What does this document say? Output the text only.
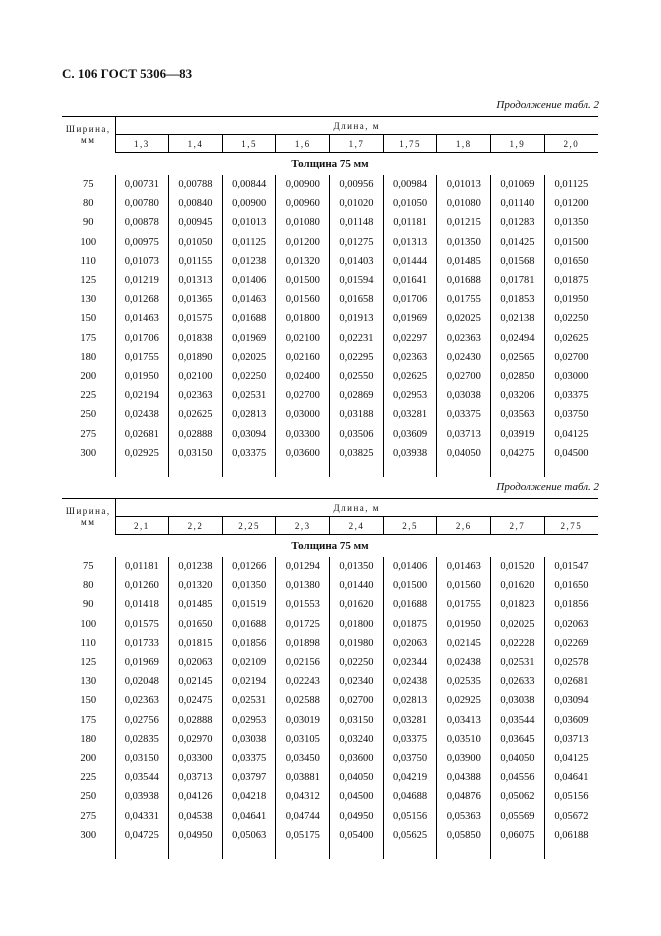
С. 106 ГОСТ 5306—83
Продолжение табл. 2
Ширина,
мм	Длина, м								
	1,3	1,4	1,5	1,6	1,7	1,75	1,8	1,9	2,0
Толщина 75 мм									
75	0,00731	0,00788	0,00844	0,00900	0,00956	0,00984	0,01013	0,01069	0,01125
80	0,00780	0,00840	0,00900	0,00960	0,01020	0,01050	0,01080	0,01140	0,01200
90	0,00878	0,00945	0,01013	0,01080	0,01148	0,01181	0,01215	0,01283	0,01350
100	0,00975	0,01050	0,01125	0,01200	0,01275	0,01313	0,01350	0,01425	0,01500
110	0,01073	0,01155	0,01238	0,01320	0,01403	0,01444	0,01485	0,01568	0,01650
125	0,01219	0,01313	0,01406	0,01500	0,01594	0,01641	0,01688	0,01781	0,01875
130	0,01268	0,01365	0,01463	0,01560	0,01658	0,01706	0,01755	0,01853	0,01950
150	0,01463	0,01575	0,01688	0,01800	0,01913	0,01969	0,02025	0,02138	0,02250
175	0,01706	0,01838	0,01969	0,02100	0,02231	0,02297	0,02363	0,02494	0,02625
180	0,01755	0,01890	0,02025	0,02160	0,02295	0,02363	0,02430	0,02565	0,02700
200	0,01950	0,02100	0,02250	0,02400	0,02550	0,02625	0,02700	0,02850	0,03000
225	0,02194	0,02363	0,02531	0,02700	0,02869	0,02953	0,03038	0,03206	0,03375
250	0,02438	0,02625	0,02813	0,03000	0,03188	0,03281	0,03375	0,03563	0,03750
275	0,02681	0,02888	0,03094	0,03300	0,03506	0,03609	0,03713	0,03919	0,04125
300	0,02925	0,03150	0,03375	0,03600	0,03825	0,03938	0,04050	0,04275	0,04500

Продолжение табл. 2
Ширина,
мм	Длина, м								
	2,1	2,2	2,25	2,3	2,4	2,5	2,6	2,7	2,75
Толщина 75 мм									
75	0,01181	0,01238	0,01266	0,01294	0,01350	0,01406	0,01463	0,01520	0,01547
80	0,01260	0,01320	0,01350	0,01380	0,01440	0,01500	0,01560	0,01620	0,01650
90	0,01418	0,01485	0,01519	0,01553	0,01620	0,01688	0,01755	0,01823	0,01856
100	0,01575	0,01650	0,01688	0,01725	0,01800	0,01875	0,01950	0,02025	0,02063
110	0,01733	0,01815	0,01856	0,01898	0,01980	0,02063	0,02145	0,02228	0,02269
125	0,01969	0,02063	0,02109	0,02156	0,02250	0,02344	0,02438	0,02531	0,02578
130	0,02048	0,02145	0,02194	0,02243	0,02340	0,02438	0,02535	0,02633	0,02681
150	0,02363	0,02475	0,02531	0,02588	0,02700	0,02813	0,02925	0,03038	0,03094
175	0,02756	0,02888	0,02953	0,03019	0,03150	0,03281	0,03413	0,03544	0,03609
180	0,02835	0,02970	0,03038	0,03105	0,03240	0,03375	0,03510	0,03645	0,03713
200	0,03150	0,03300	0,03375	0,03450	0,03600	0,03750	0,03900	0,04050	0,04125
225	0,03544	0,03713	0,03797	0,03881	0,04050	0,04219	0,04388	0,04556	0,04641
250	0,03938	0,04126	0,04218	0,04312	0,04500	0,04688	0,04876	0,05062	0,05156
275	0,04331	0,04538	0,04641	0,04744	0,04950	0,05156	0,05363	0,05569	0,05672
300	0,04725	0,04950	0,05063	0,05175	0,05400	0,05625	0,05850	0,06075	0,06188
